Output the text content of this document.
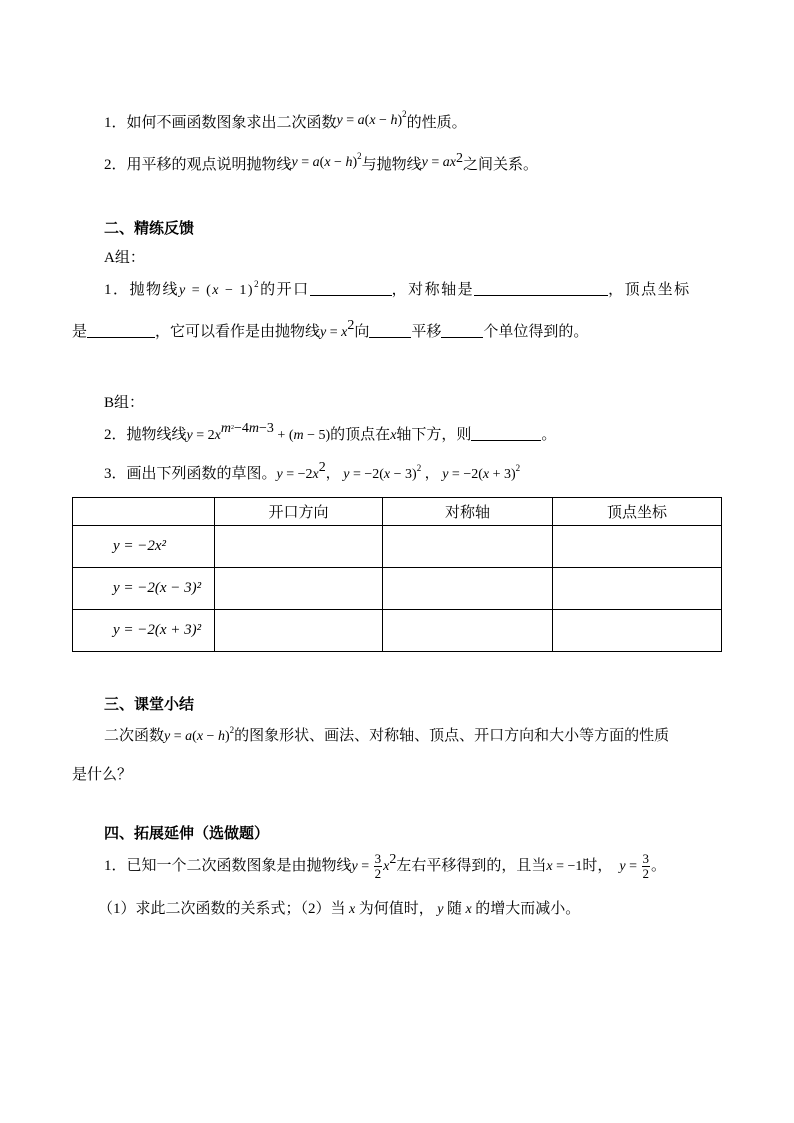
1．如何不画函数图象求出二次函数$y = a(x - h)^2$的性质。
2．用平移的观点说明抛物线$y = a(x - h)^2$与抛物线$y = ax^2$之间关系。
二、精练反馈
A组：
1．抛物线$y = (x - 1)^2$的开口	，对称轴是	，顶点坐标
是	，它可以看作是由抛物线$y = x^2$向	平移	个单位得到的。
B组：
2．抛物线线$y = 2x^{m^2-4m-3} + (m - 5)$的顶点在x轴下方，则	。
3．画出下列函数的草图。$y = -2x^2$， $y = -2(x - 3)^2$ ， $y = -2(x + 3)^2$
	开口方向	对称轴	顶点坐标
y = −2x²			
y = −2(x − 3)²			
y = −2(x + 3)²			
三、课堂小结
二次函数$y = a(x - h)^2$的图象形状、画法、对称轴、顶点、开口方向和大小等方面的性质
是什么？
四、拓展延伸（选做题）
1．已知一个二次函数图象是由抛物线$y = \frac{3}{2} x^2$左右平移得到的，且当x = −1时，  $y = \frac{3}{2}$ 。
（1）求此二次函数的关系式；（2）当 x 为何值时， y 随 x 的增大而减小。
